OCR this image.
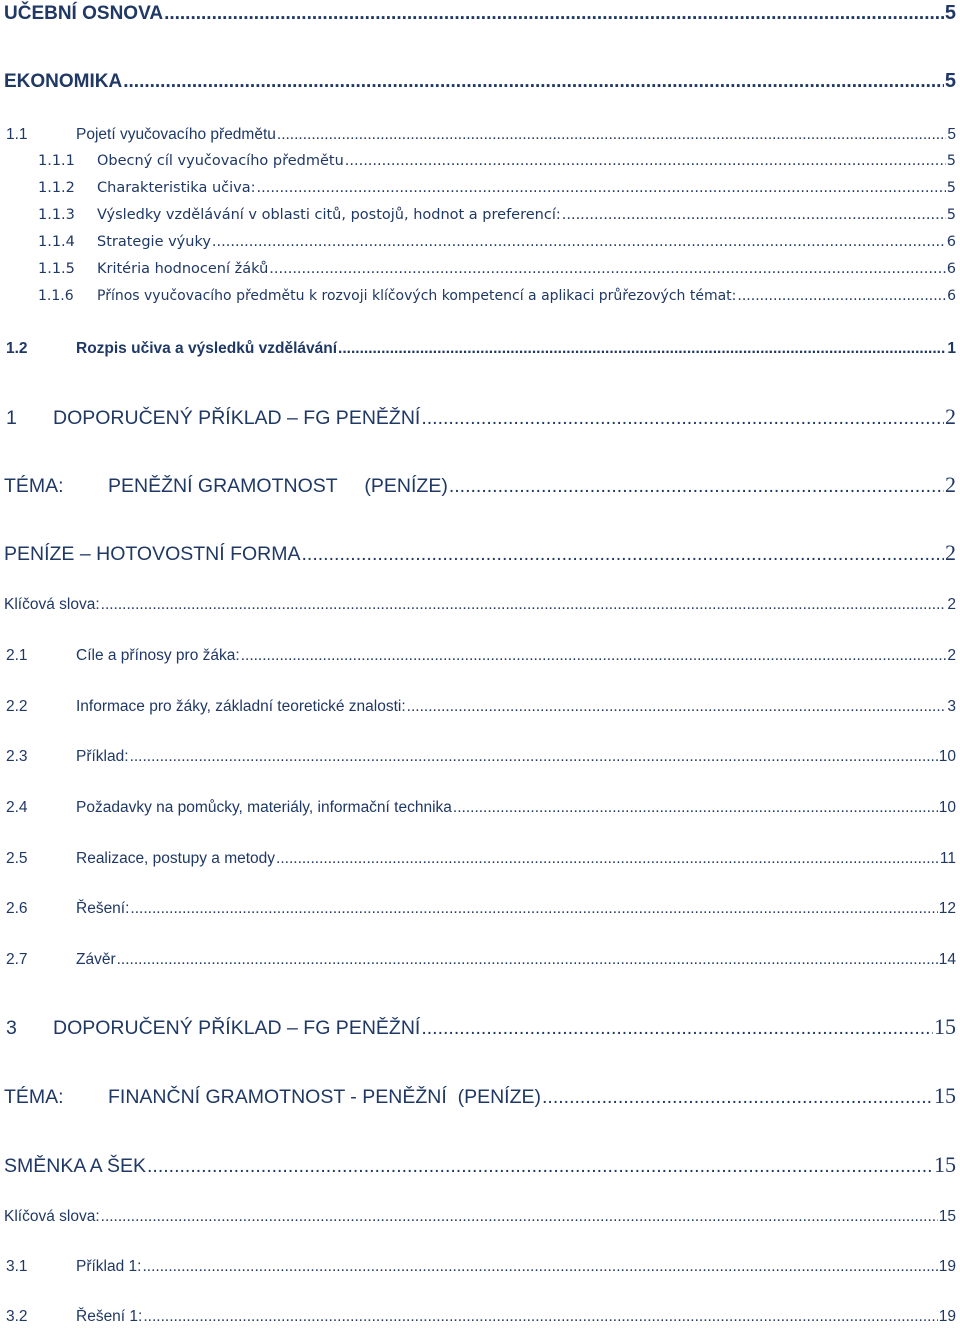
UČEBNÍ OSNOVA .....	5
EKONOMIKA .....	5
1.1	Pojetí vyučovacího předmětu .....	5
1.1.1	Obecný cíl vyučovacího předmětu .....	5
1.1.2	Charakteristika učiva: .....	5
1.1.3	Výsledky vzdělávání v oblasti citů, postojů, hodnot a preferencí: .....	5
1.1.4	Strategie výuky .....	6
1.1.5	Kritéria hodnocení žáků .....	6
1.1.6	Přínos vyučovacího předmětu k rozvoji klíčových kompetencí a aplikaci průřezových témat: .....	6
1.2	Rozpis učiva a výsledků vzdělávání .....	1
1	DOPORUČENÝ PŘÍKLAD – FG PENĚŽNÍ .....	2
TÉMA:	PENĚŽNÍ GRAMOTNOST     (PENÍZE) .....	2
PENÍZE – HOTOVOSTNÍ FORMA .....	2
Klíčová slova: .....	2
2.1	Cíle a přínosy pro žáka: .....	2
2.2	Informace pro žáky, základní teoretické znalosti: .....	3
2.3	Příklad: .....	10
2.4	Požadavky na pomůcky, materiály, informační technika .....	10
2.5	Realizace, postupy a metody .....	11
2.6	Řešení: .....	12
2.7	Závěr .....	14
3	DOPORUČENÝ PŘÍKLAD – FG PENĚŽNÍ .....	15
TÉMA:	FINANČNÍ GRAMOTNOST - PENĚŽNÍ  (PENÍZE) .....	15
SMĚNKA A ŠEK .....	15
Klíčová slova: .....	15
3.1	Příklad 1: .....	19
3.2	Řešení 1: .....	19
